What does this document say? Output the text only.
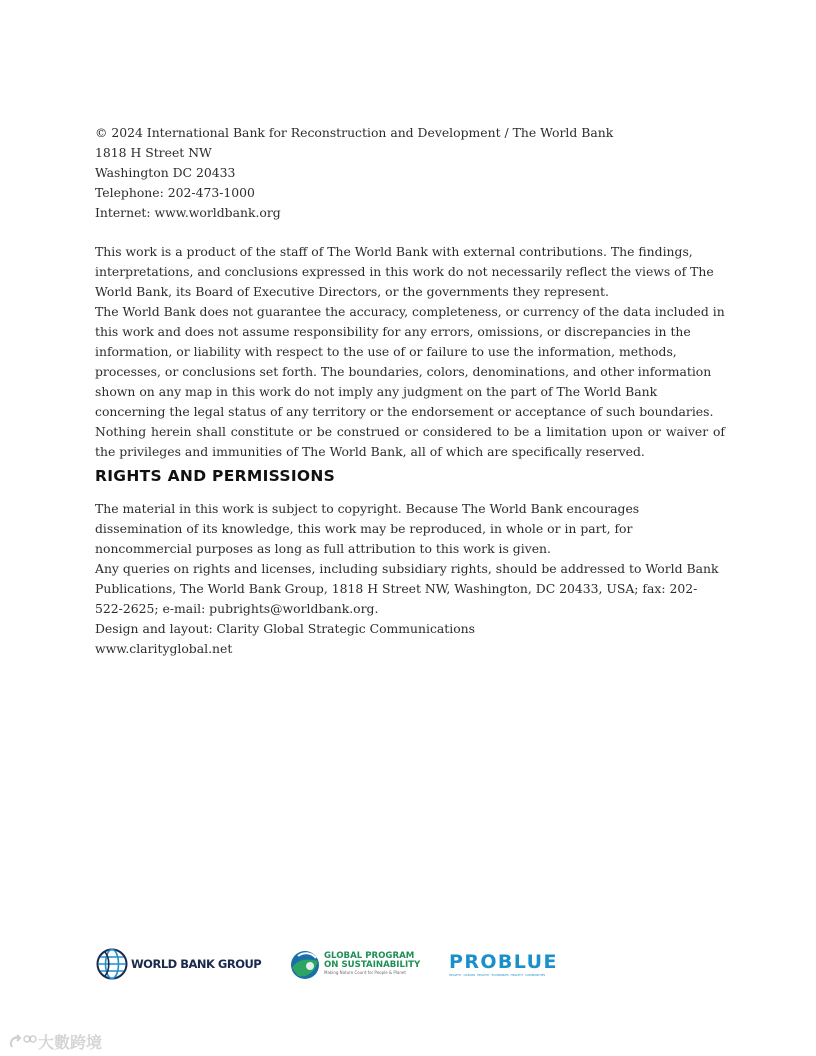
© 2024 International Bank for Reconstruction and Development / The World Bank
1818 H Street NW
Washington DC 20433
Telephone: 202-473-1000
Internet: www.worldbank.org

This work is a product of the staff of The World Bank with external contributions. The findings, interpretations, and conclusions expressed in this work do not necessarily reflect the views of The World Bank, its Board of Executive Directors, or the governments they represent.

The World Bank does not guarantee the accuracy, completeness, or currency of the data included in this work and does not assume responsibility for any errors, omissions, or discrepancies in the information, or liability with respect to the use of or failure to use the information, methods, processes, or conclusions set forth. The boundaries, colors, denominations, and other information shown on any map in this work do not imply any judgment on the part of The World Bank concerning the legal status of any territory or the endorsement or acceptance of such boundaries.

Nothing herein shall constitute or be construed or considered to be a limitation upon or waiver of the privileges and immunities of The World Bank, all of which are specifically reserved.

RIGHTS AND PERMISSIONS

The material in this work is subject to copyright. Because The World Bank encourages dissemination of its knowledge, this work may be reproduced, in whole or in part, for noncommercial purposes as long as full attribution to this work is given.

Any queries on rights and licenses, including subsidiary rights, should be addressed to World Bank Publications, The World Bank Group, 1818 H Street NW, Washington, DC 20433, USA; fax: 202-522-2625; e-mail: pubrights@worldbank.org.

Design and layout: Clarity Global Strategic Communications
www.clarityglobal.net
WORLD BANK GROUP
GLOBAL PROGRAM
ON SUSTAINABILITY
Making Nature Count for People & Planet	PROBLUE
HEALTHY OCEANS HEALTHY ECONOMIES HEALTHY COMMUNITIES
大數跨境
